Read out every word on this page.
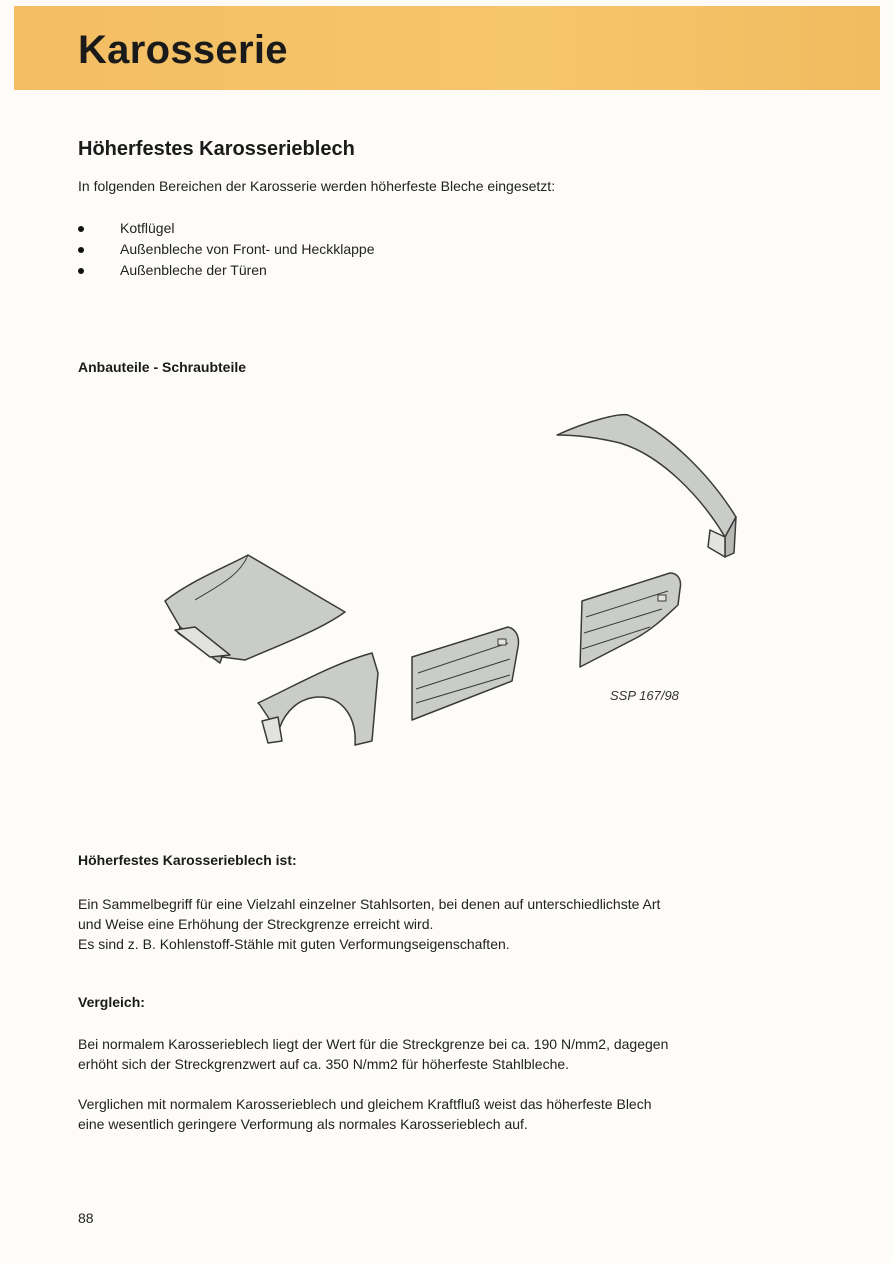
Karosserie
Höherfestes Karosserieblech

In folgenden Bereichen der Karosserie werden höherfeste Bleche eingesetzt:

Kotflügel
Außenbleche von Front- und Heckklappe
Außenbleche der Türen
Anbauteile - Schraubteile
SSP 167/98
Höherfestes Karosserieblech ist:

Ein Sammelbegriff für eine Vielzahl einzelner Stahlsorten, bei denen auf unterschiedlichste Art

und Weise eine Erhöhung der Streckgrenze erreicht wird.

Es sind z. B. Kohlenstoff-Stähle mit guten Verformungseigenschaften.

Vergleich:

Bei normalem Karosserieblech liegt der Wert für die Streckgrenze bei ca. 190 N/mm2, dagegen

erhöht sich der Streckgrenzwert auf ca. 350 N/mm2 für höherfeste Stahlbleche.

Verglichen mit normalem Karosserieblech und gleichem Kraftfluß weist das höherfeste Blech

eine wesentlich geringere Verformung als normales Karosserieblech auf.

88
